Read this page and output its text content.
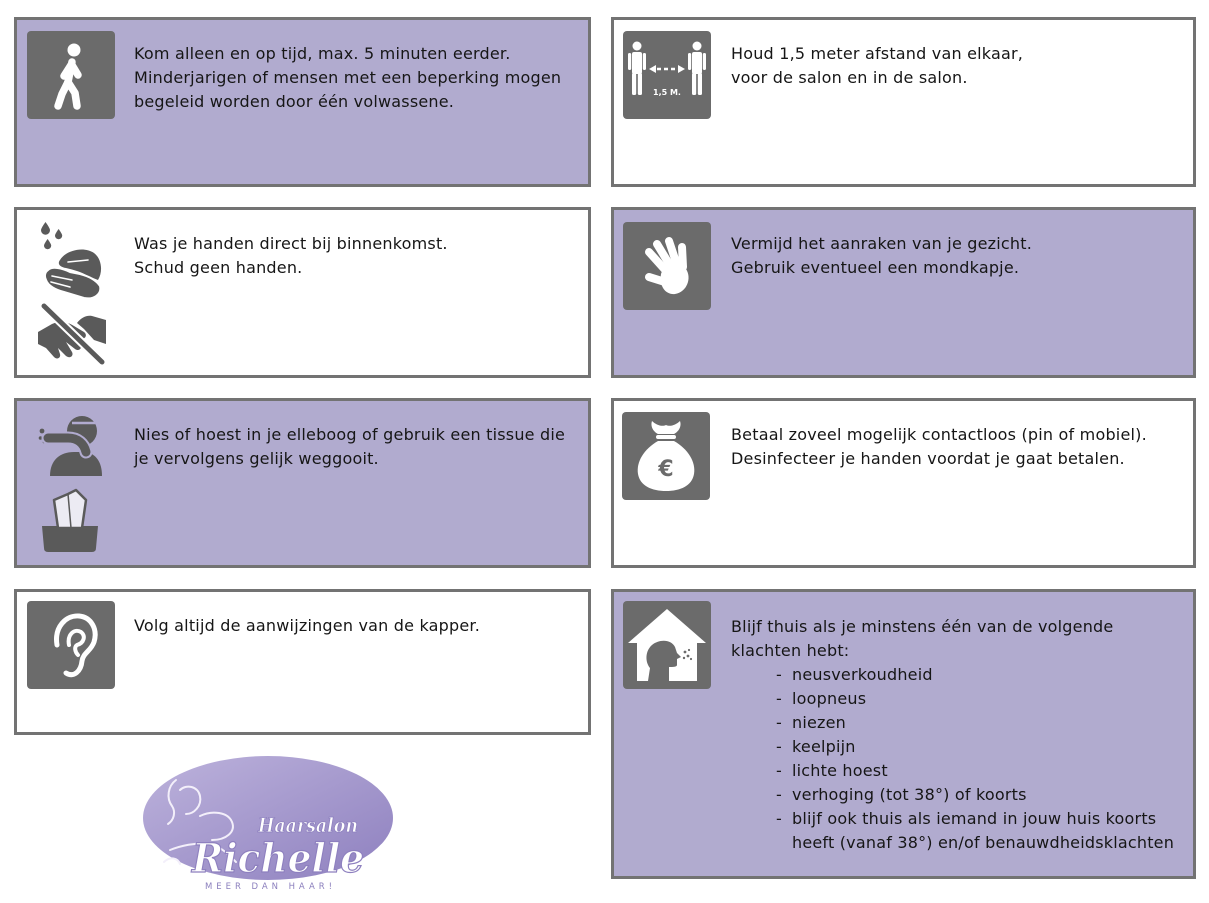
Kom alleen en op tijd, max. 5 minuten eerder.
Minderjarigen of mensen met een beperking mogen
begeleid worden door één volwassene.	1,5 M.
Houd 1,5 meter afstand van elkaar,
voor de salon en in de salon.
Was je handen direct bij binnenkomst.
Schud geen handen.
Vermijd het aanraken van je gezicht.
Gebruik eventueel een mondkapje.
Nies of hoest in je elleboog of gebruik een tissue die
je vervolgens gelijk weggooit.	€
Betaal zoveel mogelijk contactloos (pin of mobiel).
Desinfecteer je handen voordat je gaat betalen.
Volg altijd de aanwijzingen van de kapper.	Blijf thuis als je minstens één van de volgende
klachten hebt:
- neusverkoudheid
- loopneus
- niezen
- keelpijn
- lichte hoest
- verhoging (tot 38°) of koorts
- blijf ook thuis als iemand in jouw huis koorts heeft (vanaf 38°) en/of benauwdheidsklachten
Haarsalon
Richelle
MEER DAN HAAR!
